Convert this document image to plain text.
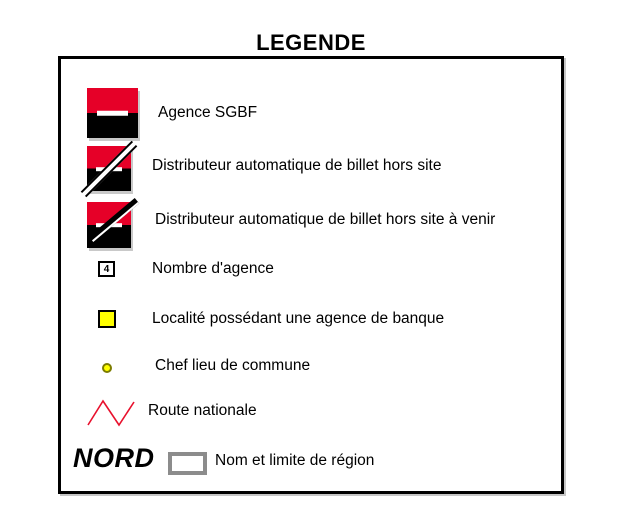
LEGENDE
Agence SGBF
Distributeur automatique de billet hors site
Distributeur automatique de billet hors site à venir
4	Nombre d'agence
Localité possédant une agence de banque
Chef lieu de commune
Route nationale
NORD	Nom et limite de région
